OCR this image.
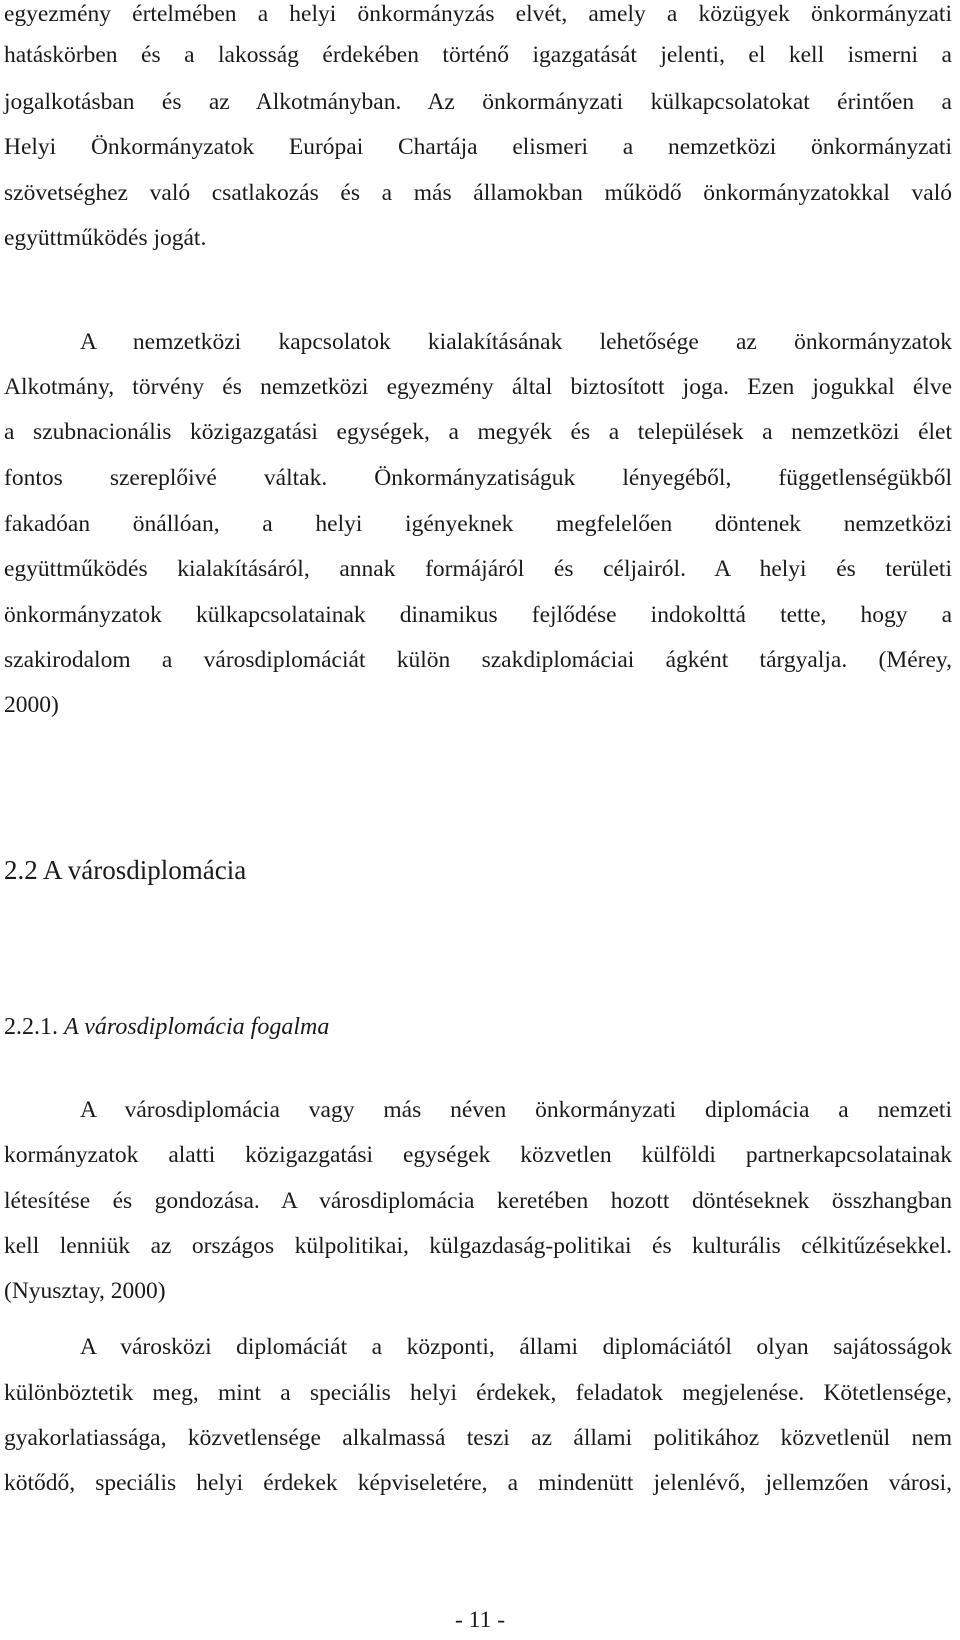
egyezmény értelmében a helyi önkormányzás elvét, amely a közügyek önkormányzati
hatáskörben és a lakosság érdekében történő igazgatását jelenti, el kell ismerni a
jogalkotásban és az Alkotmányban. Az önkormányzati külkapcsolatokat érintően a
Helyi Önkormányzatok Európai Chartája elismeri a nemzetközi önkormányzati
szövetséghez való csatlakozás és a más államokban működő önkormányzatokkal való
együttműködés jogát.
A nemzetközi kapcsolatok kialakításának lehetősége az önkormányzatok
Alkotmány, törvény és nemzetközi egyezmény által biztosított joga. Ezen jogukkal élve
a szubnacionális közigazgatási egységek, a megyék és a települések a nemzetközi élet
fontos szereplőivé váltak. Önkormányzatiságuk lényegéből, függetlenségükből
fakadóan önállóan, a helyi igényeknek megfelelően döntenek nemzetközi
együttműködés kialakításáról, annak formájáról és céljairól. A helyi és területi
önkormányzatok külkapcsolatainak dinamikus fejlődése indokolttá tette, hogy a
szakirodalom a városdiplomáciát külön szakdiplomáciai ágként tárgyalja. (Mérey,
2000)
2.2 A városdiplomácia
2.2.1. A városdiplomácia fogalma
A városdiplomácia vagy más néven önkormányzati diplomácia a nemzeti
kormányzatok alatti közigazgatási egységek közvetlen külföldi partnerkapcsolatainak
létesítése és gondozása. A városdiplomácia keretében hozott döntéseknek összhangban
kell lenniük az országos külpolitikai, külgazdaság-politikai és kulturális célkitűzésekkel.
(Nyusztay, 2000)
A városközi diplomáciát a központi, állami diplomáciától olyan sajátosságok
különböztetik meg, mint a speciális helyi érdekek, feladatok megjelenése. Kötetlensége,
gyakorlatiassága, közvetlensége alkalmassá teszi az állami politikához közvetlenül nem
kötődő, speciális helyi érdekek képviseletére, a mindenütt jelenlévő, jellemzően városi,
- 11 -
